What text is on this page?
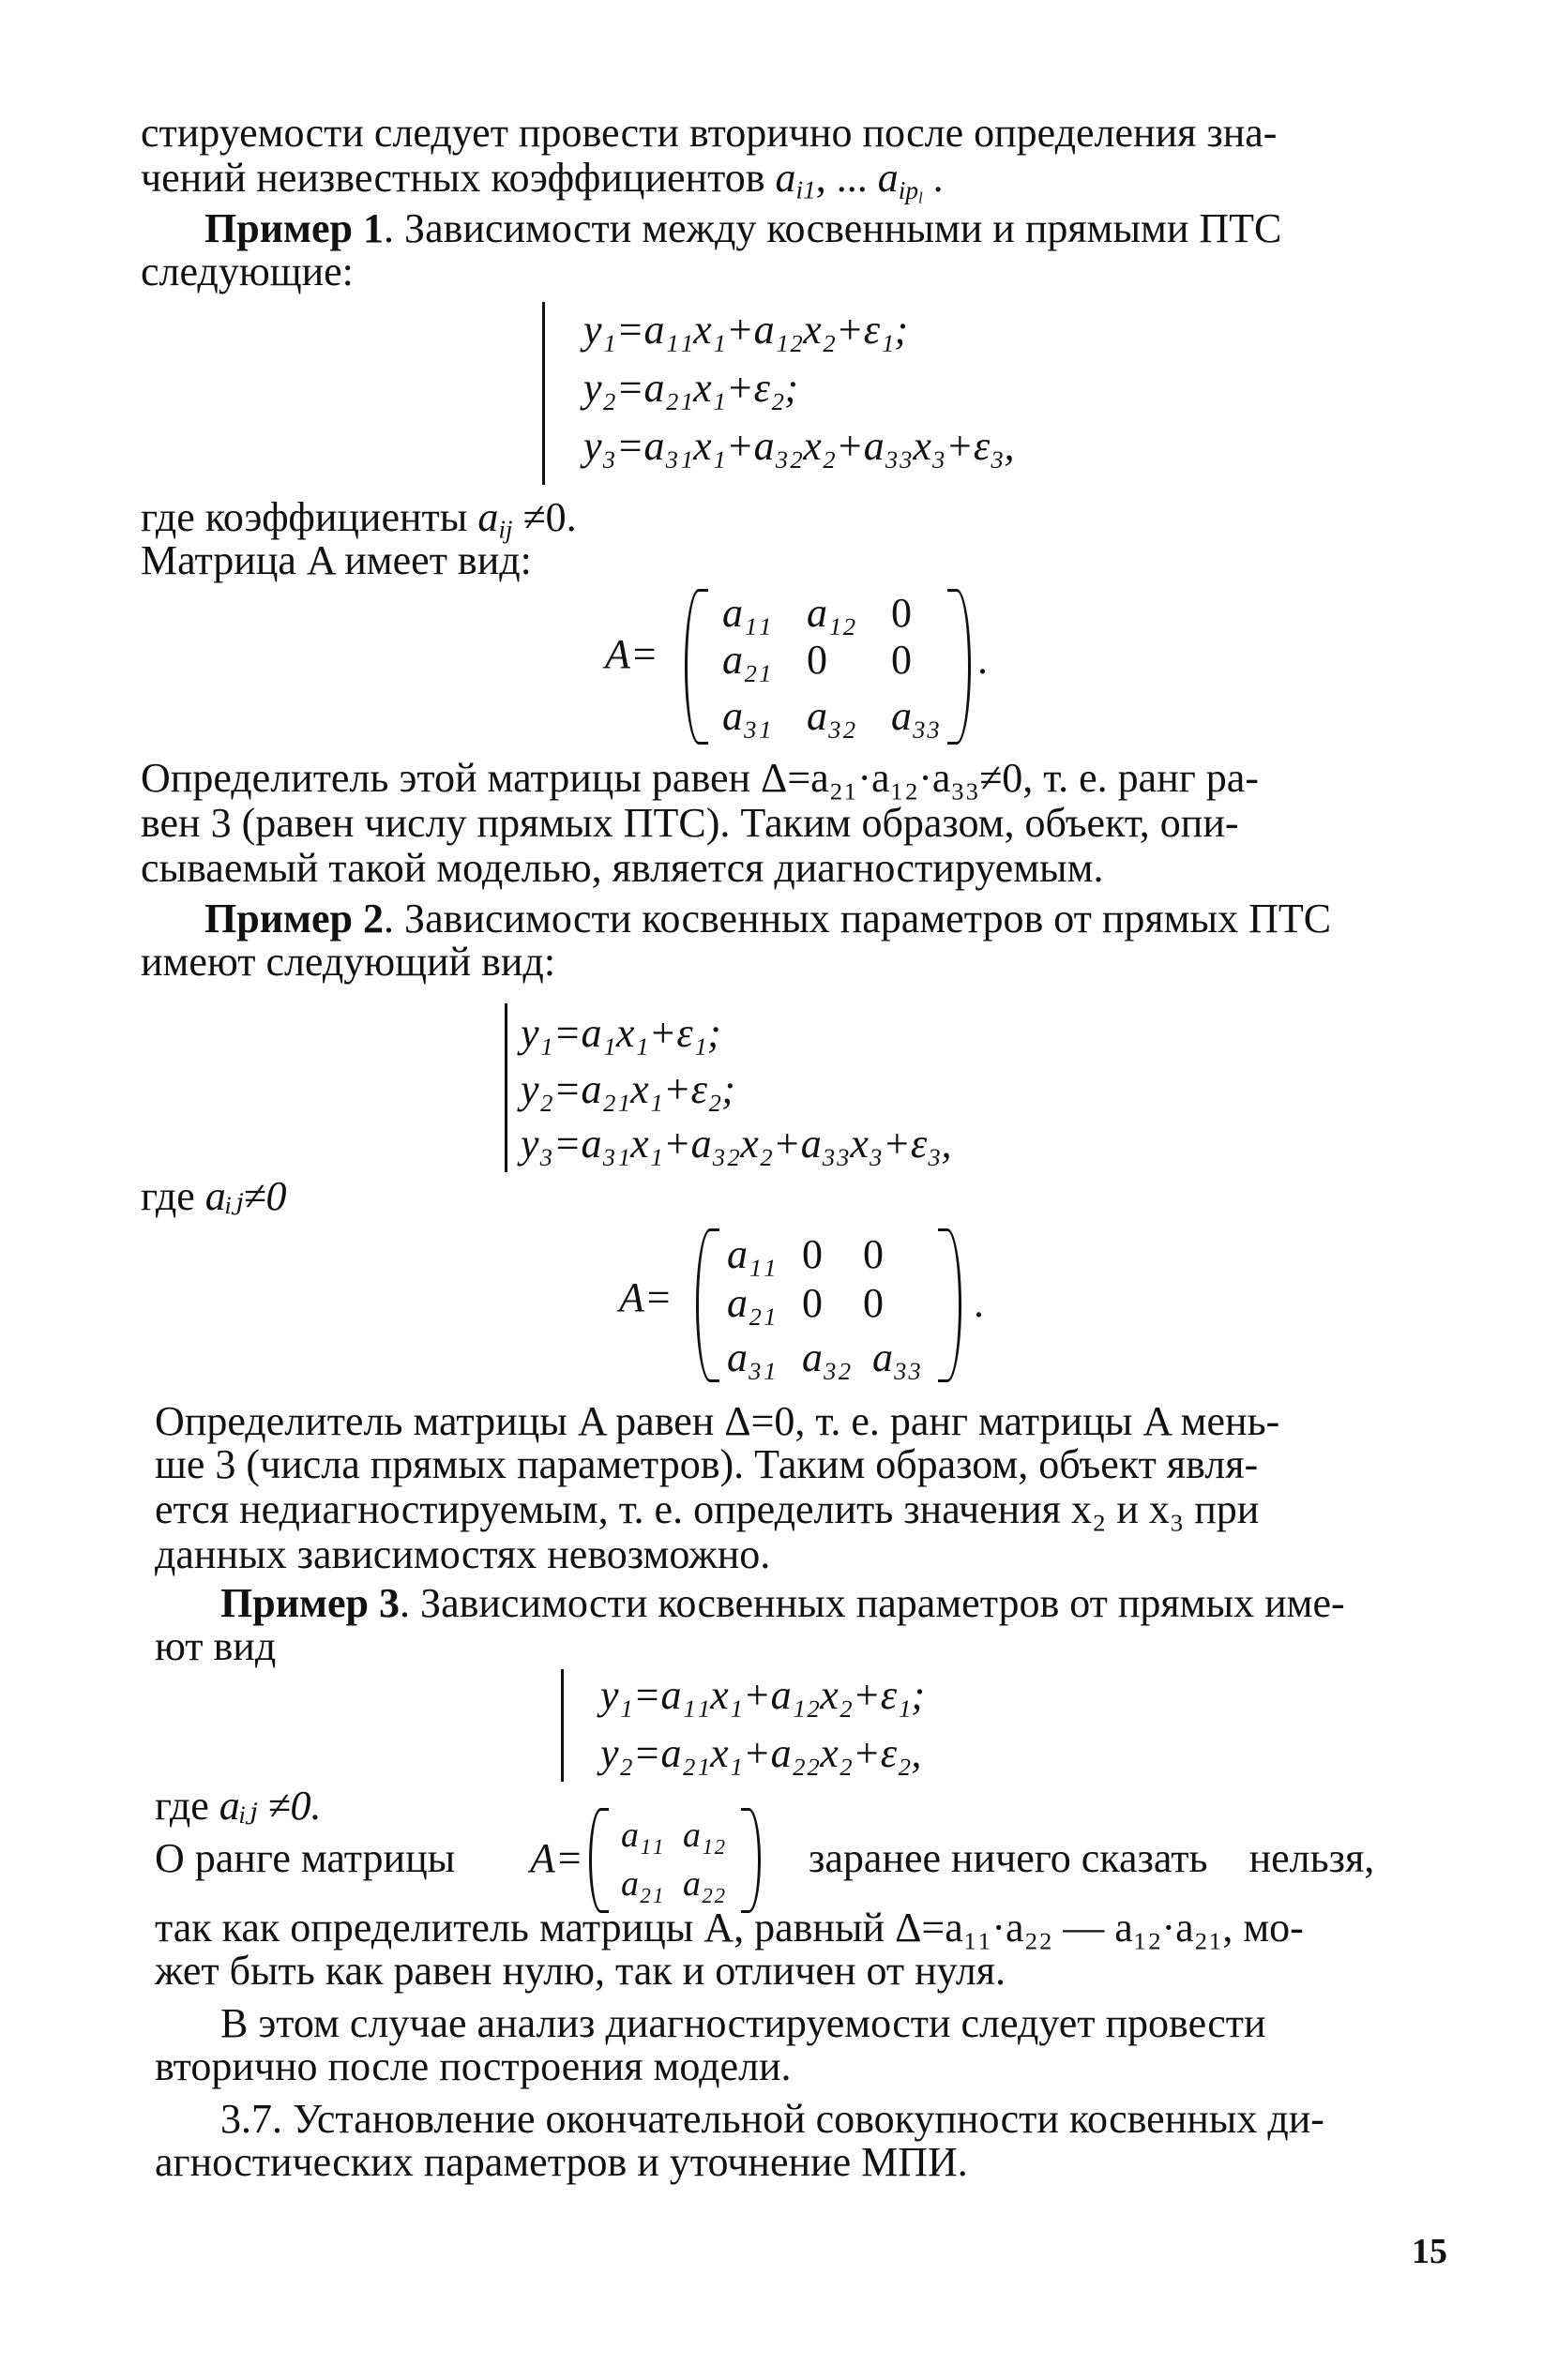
стируемости следует провести вторично после определения зна-
чений неизвестных коэффициентов $a_{i1}$, ... $a_{ip_l}$ .
Пример 1. Зависимости между косвенными и прямыми ПТС
следующие:
y₁=a₁₁x₁+a₁₂x₂+ε₁;
y₂=a₂₁x₁+ε₂;
y₃=a₃₁x₁+a₃₂x₂+a₃₃x₃+ε₃,
где коэффициенты $a_{ij} \ne 0$.
Матрица A имеет вид:
A=
a₁₁ a₁₂ 0
a₂₁ 0 0
a₃₁ a₃₂ a₃₃
.
Определитель этой матрицы равен Δ=a₂₁·a₁₂·a₃₃≠0, т. е. ранг ра-
вен 3 (равен числу прямых ПТС). Таким образом, объект, опи-
сываемый такой моделью, является диагностируемым.
Пример 2. Зависимости косвенных параметров от прямых ПТС
имеют следующий вид:
y₁=a₁x₁+ε₁;
y₂=a₂₁x₁+ε₂;
y₃=a₃₁x₁+a₃₂x₂+a₃₃x₃+ε₃,
где aᵢⱼ≠0
A=
a₁₁ 0 0
a₂₁ 0 0
a₃₁ a₃₂ a₃₃
.
Определитель матрицы A равен Δ=0, т. е. ранг матрицы A мень-
ше 3 (числа прямых параметров). Таким образом, объект явля-
ется недиагностируемым, т. е. определить значения x₂ и x₃ при
данных зависимостях невозможно.
Пример 3. Зависимости косвенных параметров от прямых име-
ют вид
y₁=a₁₁x₁+a₁₂x₂+ε₁;
y₂=a₂₁x₁+a₂₂x₂+ε₂,
где aᵢⱼ ≠0.
О ранге матрицы A= a₁₁ a₁₂
a₂₁ a₂₂
заранее ничего сказать    нельзя,
так как определитель матрицы A, равный Δ=a₁₁·a₂₂ — a₁₂·a₂₁, мо-
жет быть как равен нулю, так и отличен от нуля.
В этом случае анализ диагностируемости следует провести
вторично после построения модели.
3.7. Установление окончательной совокупности косвенных ди-
агностических параметров и уточнение МПИ.
15
